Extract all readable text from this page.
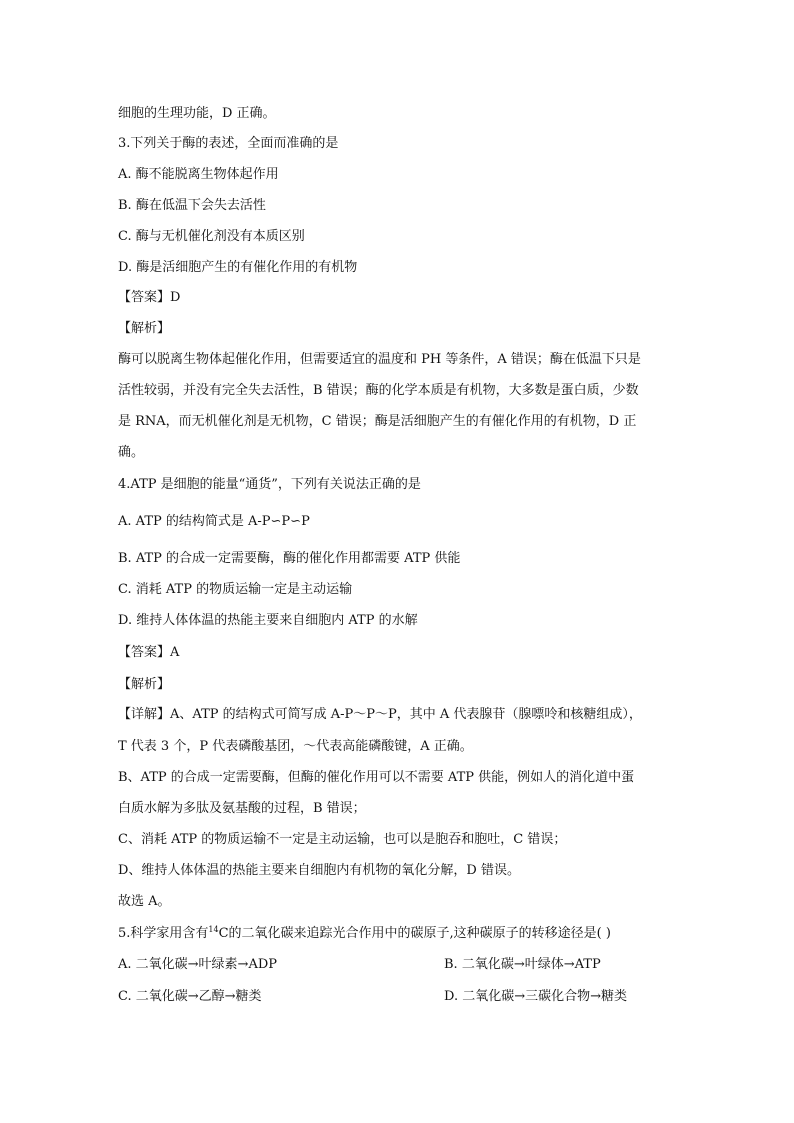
细胞的生理功能，D 正确。
3.下列关于酶的表述，全面而准确的是
A. 酶不能脱离生物体起作用
B. 酶在低温下会失去活性
C. 酶与无机催化剂没有本质区别
D. 酶是活细胞产生的有催化作用的有机物
【答案】D
【解析】
酶可以脱离生物体起催化作用，但需要适宜的温度和 PH 等条件，A 错误；酶在低温下只是
活性较弱，并没有完全失去活性，B 错误；酶的化学本质是有机物，大多数是蛋白质，少数
是 RNA，而无机催化剂是无机物，C 错误；酶是活细胞产生的有催化作用的有机物，D 正
确。
4.ATP 是细胞的能量“通货”，下列有关说法正确的是
A. ATP 的结构简式是 A-P∽P∽P
B. ATP 的合成一定需要酶，酶的催化作用都需要 ATP 供能
C. 消耗 ATP 的物质运输一定是主动运输
D. 维持人体体温的热能主要来自细胞内 ATP 的水解
【答案】A
【解析】
【详解】A、ATP 的结构式可简写成 A-P～P～P，其中 A 代表腺苷（腺嘌呤和核糖组成），
T 代表 3 个，P 代表磷酸基团，～代表高能磷酸键，A 正确。
B、ATP 的合成一定需要酶，但酶的催化作用可以不需要 ATP 供能，例如人的消化道中蛋
白质水解为多肽及氨基酸的过程，B 错误；
C、消耗 ATP 的物质运输不一定是主动运输，也可以是胞吞和胞吐，C 错误；
D、维持人体体温的热能主要来自细胞内有机物的氧化分解，D 错误。
故选 A。
5.科学家用含有$^{14}$C的二氧化碳来追踪光合作用中的碳原子,这种碳原子的转移途径是( )
A. 二氧化碳→叶绿素→ADP	B. 二氧化碳→叶绿体→ATP
C. 二氧化碳→乙醇→糖类	D. 二氧化碳→三碳化合物→糖类
